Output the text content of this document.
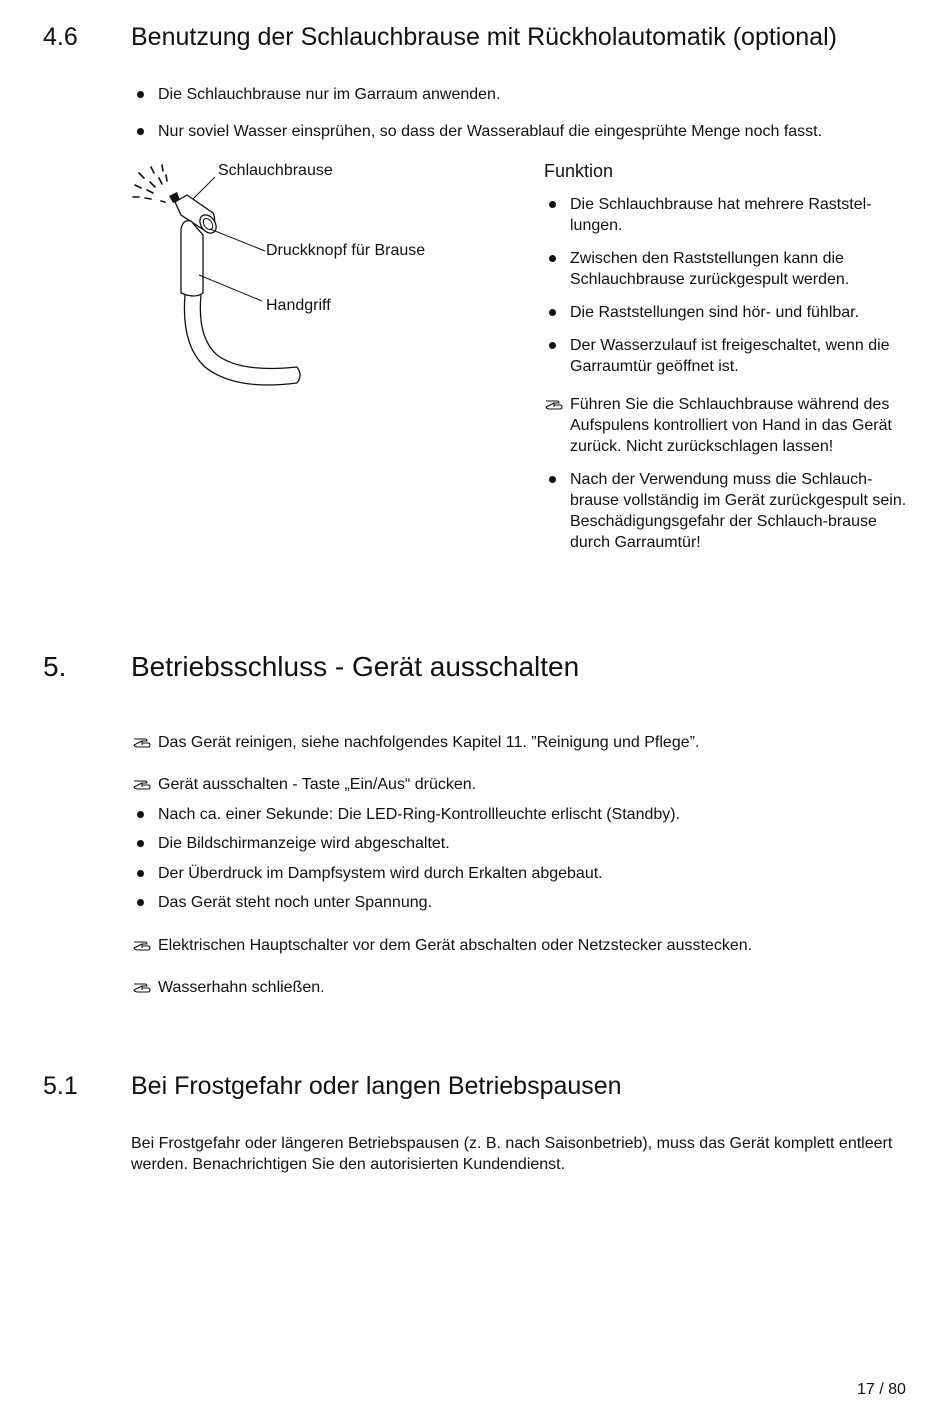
4.6 Benutzung der Schlauchbrause mit Rückholautomatik (optional)
Die Schlauchbrause nur im Garraum anwenden.
Nur soviel Wasser einsprühen, so dass der Wasserablauf die eingesprühte Menge noch fasst.
Schlauchbrause
Druckknopf für Brause
Handgriff
Funktion
Die Schlauchbrause hat mehrere Raststel-lungen.
Zwischen den Raststellungen kann die Schlauchbrause zurückgespult werden.
Die Raststellungen sind hör- und fühlbar.
Der Wasserzulauf ist freigeschaltet, wenn die Garraumtür geöffnet ist.
Führen Sie die Schlauchbrause während des Aufspulens kontrolliert von Hand in das Gerät zurück. Nicht zurückschlagen lassen!
Nach der Verwendung muss die Schlauch-brause vollständig im Gerät zurückgespult sein. Beschädigungsgefahr der Schlauch-brause durch Garraumtür!
5. Betriebsschluss - Gerät ausschalten
Das Gerät reinigen, siehe nachfolgendes Kapitel 11. ”Reinigung und Pflege”.
Gerät ausschalten - Taste „Ein/Aus“ drücken.
Nach ca. einer Sekunde: Die LED-Ring-Kontrollleuchte erlischt (Standby).
Die Bildschirmanzeige wird abgeschaltet.
Der Überdruck im Dampfsystem wird durch Erkalten abgebaut.
Das Gerät steht noch unter Spannung.
Elektrischen Hauptschalter vor dem Gerät abschalten oder Netzstecker ausstecken.
Wasserhahn schließen.
5.1 Bei Frostgefahr oder langen Betriebspausen
Bei Frostgefahr oder längeren Betriebspausen (z. B. nach Saisonbetrieb), muss das Gerät komplett entleert werden. Benachrichtigen Sie den autorisierten Kundendienst.
17 / 80
